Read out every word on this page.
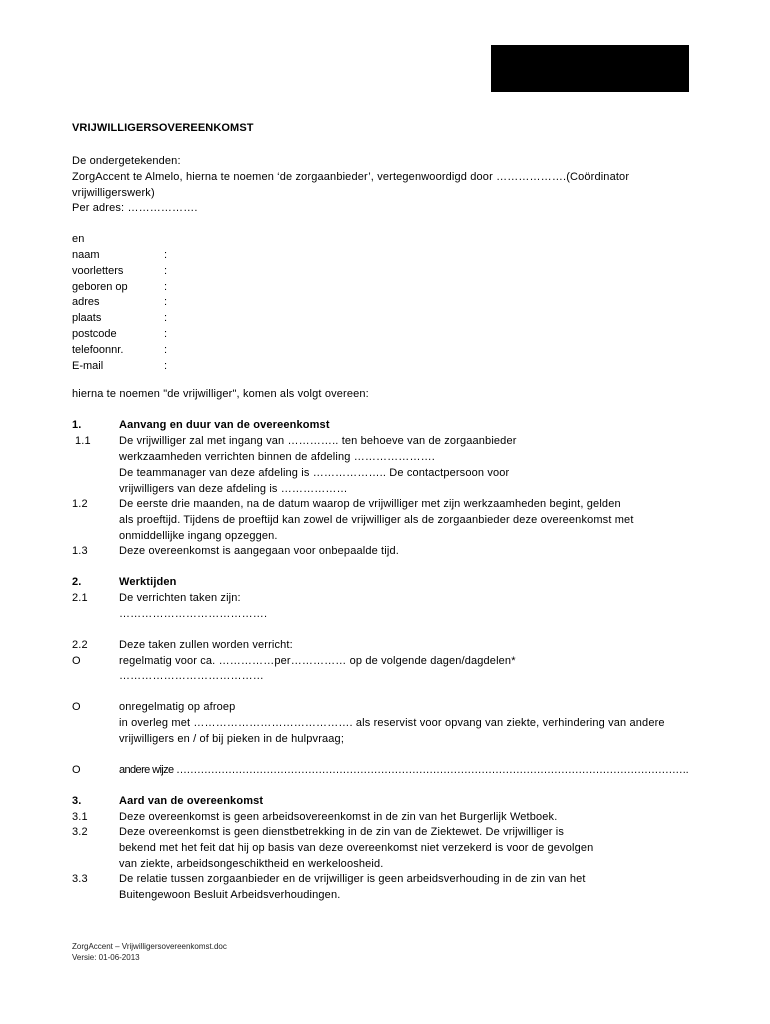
VRIJWILLIGERSOVEREENKOMST
De ondergetekenden:
ZorgAccent te Almelo, hierna te noemen ‘de zorgaanbieder’, vertegenwoordigd door ……………….(Coördinator
vrijwilligerswerk)
Per adres: ……………….
en
naam	:
voorletters	:
geboren op	:
adres	:
plaats	:
postcode	:
telefoonnr.	:
E-mail	:
hierna te noemen "de vrijwilliger", komen als volgt overeen:
1.	Aanvang en duur van de overeenkomst
1.1	De vrijwilliger zal met ingang van ………….. ten behoeve van de zorgaanbieder
werkzaamheden verrichten binnen de afdeling ………………….
De teammanager van deze afdeling is ……………….. De contactpersoon voor
vrijwilligers van deze afdeling is ………………
1.2	De eerste drie maanden, na de datum waarop de vrijwilliger met zijn werkzaamheden begint, gelden
als proeftijd. Tijdens de proeftijd kan zowel de vrijwilliger als de zorgaanbieder deze overeenkomst met
onmiddellijke ingang opzeggen.
1.3	Deze overeenkomst is aangegaan voor onbepaalde tijd.
2.	Werktijden
2.1	De verrichten taken zijn:
………………………………….
2.2	Deze taken zullen worden verricht:
O	regelmatig voor ca. ……………per…………… op de volgende dagen/dagdelen*
…………………………………
O	onregelmatig op afroep
in overleg met ……………………………………. als reservist voor opvang van ziekte, verhindering van andere
vrijwilligers en / of bij pieken in de hulpvraag;
O	andere wijze ………………………………………………………………………………………………………………………………….
3.	Aard van de overeenkomst
3.1	Deze overeenkomst is geen arbeidsovereenkomst in de zin van het Burgerlijk Wetboek.
3.2	Deze overeenkomst is geen dienstbetrekking in de zin van de Ziektewet. De vrijwilliger is
bekend met het feit dat hij op basis van deze overeenkomst niet verzekerd is voor de gevolgen
van ziekte, arbeidsongeschiktheid en werkeloosheid.
3.3	De relatie tussen zorgaanbieder en de vrijwilliger is geen arbeidsverhouding in de zin van het
Buitengewoon Besluit Arbeidsverhoudingen.
ZorgAccent – Vrijwilligersovereenkomst.doc
Versie: 01-06-2013
